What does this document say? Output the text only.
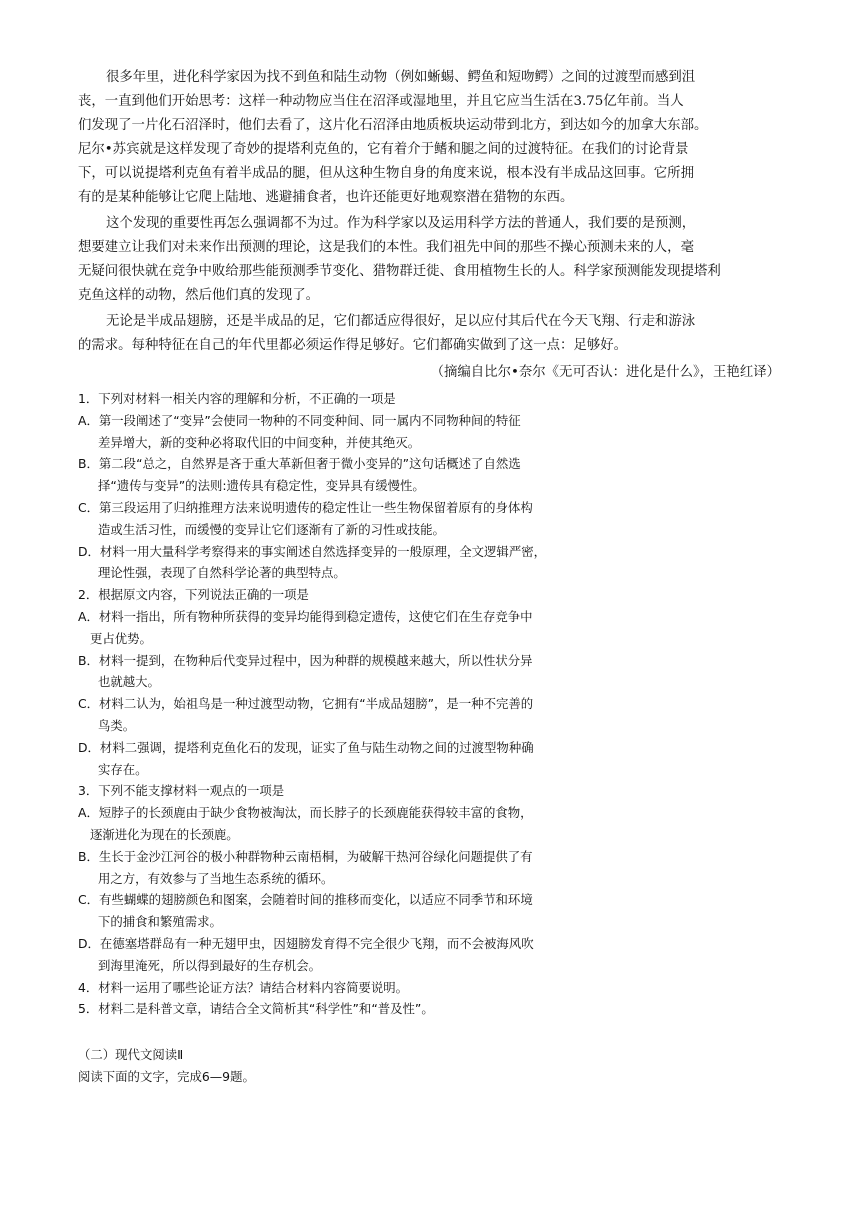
很多年里，进化科学家因为找不到鱼和陆生动物（例如蜥蜴、鳄鱼和短吻鳄）之间的过渡型而感到沮
丧，一直到他们开始思考：这样一种动物应当住在沼泽或湿地里，并且它应当生活在3.75亿年前。当人
们发现了一片化石沼泽时，他们去看了，这片化石沼泽由地质板块运动带到北方，到达如今的加拿大东部。
尼尔•苏宾就是这样发现了奇妙的提塔利克鱼的，它有着介于鳍和腿之间的过渡特征。在我们的讨论背景
下，可以说提塔利克鱼有着半成品的腿，但从这种生物自身的角度来说，根本没有半成品这回事。它所拥
有的是某种能够让它爬上陆地、逃避捕食者，也许还能更好地观察潜在猎物的东西。
这个发现的重要性再怎么强调都不为过。作为科学家以及运用科学方法的普通人，我们要的是预测，
想要建立让我们对未来作出预测的理论，这是我们的本性。我们祖先中间的那些不操心预测未来的人，毫
无疑问很快就在竞争中败给那些能预测季节变化、猎物群迁徙、食用植物生长的人。科学家预测能发现提塔利
克鱼这样的动物，然后他们真的发现了。
无论是半成品翅膀，还是半成品的足，它们都适应得很好，足以应付其后代在今天飞翔、行走和游泳
的需求。每种特征在自己的年代里都必须运作得足够好。它们都确实做到了这一点：足够好。
（摘编自比尔•奈尔《无可否认：进化是什么》，王艳红译）
1．下列对材料一相关内容的理解和分析，不正确的一项是
A．第一段阐述了“变异”会使同一物种的不同变种间、同一属内不同物种间的特征
差异增大，新的变种必将取代旧的中间变种，并使其绝灭。
B．第二段“总之，自然界是吝于重大革新但奢于微小变异的”这句话概述了自然选
择“遗传与变异”的法则:遗传具有稳定性，变异具有缓慢性。
C．第三段运用了归纳推理方法来说明遗传的稳定性让一些生物保留着原有的身体构
造或生活习性，而缓慢的变异让它们逐渐有了新的习性或技能。
D．材料一用大量科学考察得来的事实阐述自然选择变异的一般原理，全文逻辑严密，
理论性强，表现了自然科学论著的典型特点。
2．根据原文内容，下列说法正确的一项是
A．材料一指出，所有物种所获得的变异均能得到稳定遗传，这使它们在生存竞争中
更占优势。
B．材料一提到，在物种后代变异过程中，因为种群的规模越来越大，所以性状分异
也就越大。
C．材料二认为，始祖鸟是一种过渡型动物，它拥有“半成品翅膀”，是一种不完善的
鸟类。
D．材料二强调，提塔利克鱼化石的发现，证实了鱼与陆生动物之间的过渡型物种确
实存在。
3．下列不能支撑材料一观点的一项是
A．短脖子的长颈鹿由于缺少食物被淘汰，而长脖子的长颈鹿能获得较丰富的食物，
逐渐进化为现在的长颈鹿。
B．生长于金沙江河谷的极小种群物种云南梧桐，为破解干热河谷绿化问题提供了有
用之方，有效参与了当地生态系统的循环。
C．有些蝴蝶的翅膀颜色和图案，会随着时间的推移而变化，以适应不同季节和环境
下的捕食和繁殖需求。
D．在德塞塔群岛有一种无翅甲虫，因翅膀发育得不完全很少飞翔，而不会被海风吹
到海里淹死，所以得到最好的生存机会。
4．材料一运用了哪些论证方法？请结合材料内容简要说明。
5．材料二是科普文章，请结合全文简析其“科学性”和“普及性”。
（二）现代文阅读Ⅱ
阅读下面的文字，完成6—9题。
